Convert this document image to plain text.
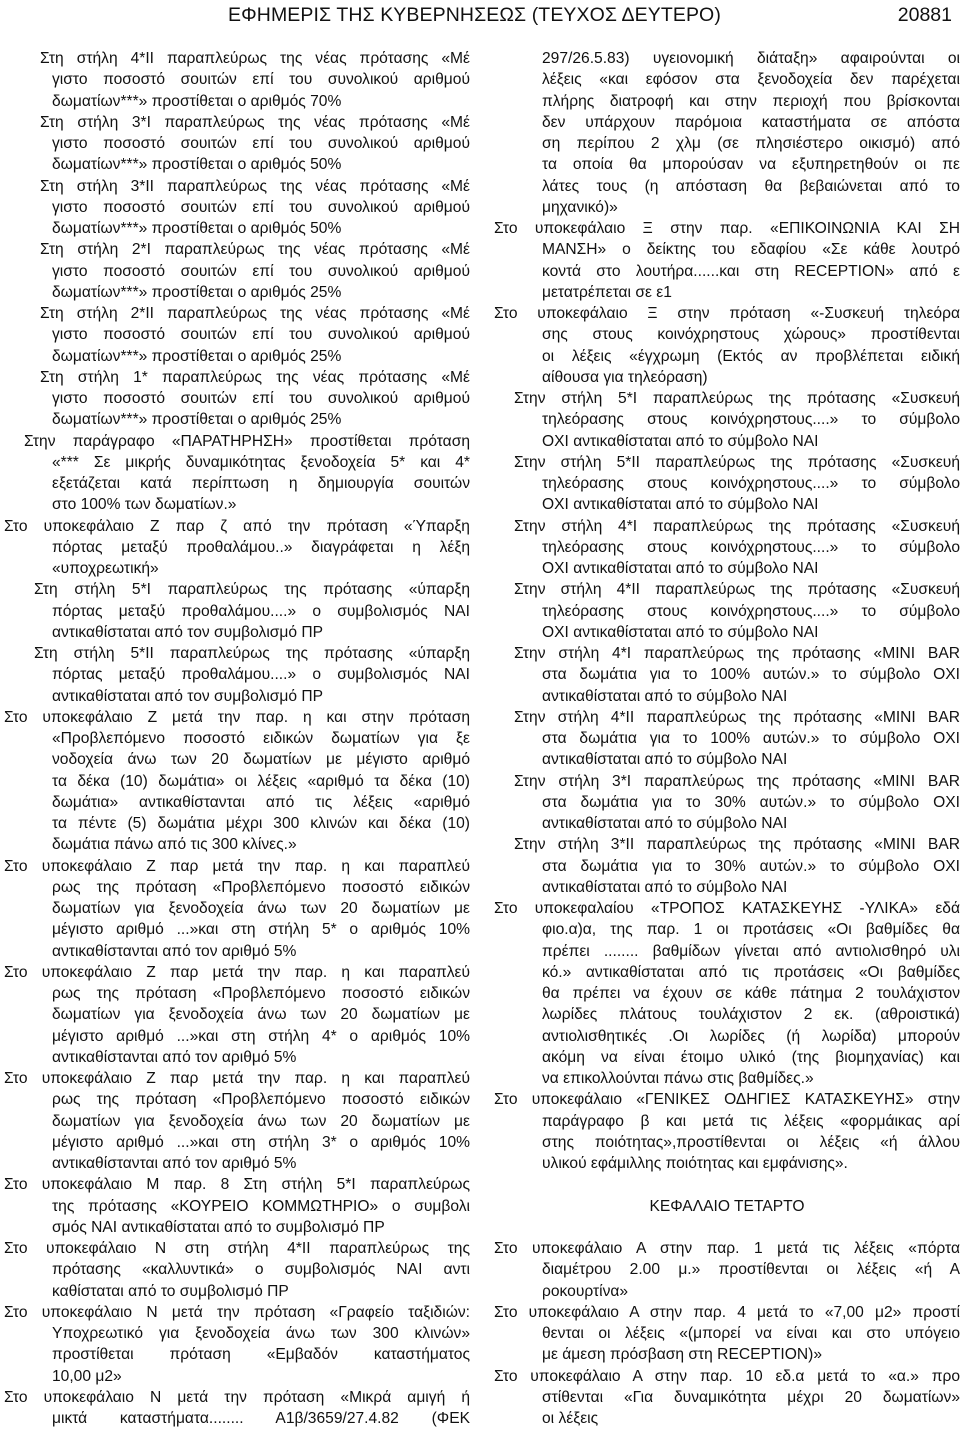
ΕΦΗΜΕΡΙΣ ΤΗΣ ΚΥΒΕΡΝΗΣΕΩΣ (ΤΕΥΧΟΣ ΔΕΥΤΕΡΟ)	20881
Στη στήλη 4*ΙΙ παραπλεύρως της νέας πρότασης «Μέ
γιστο ποσοστό σουιτών επί του συνολικού αριθμού
δωματίων***» προστίθεται ο αριθμός 70%
Στη στήλη 3*Ι παραπλεύρως της νέας πρότασης «Μέ
γιστο ποσοστό σουιτών επί του συνολικού αριθμού
δωματίων***» προστίθεται ο αριθμός 50%
Στη στήλη 3*ΙΙ παραπλεύρως της νέας πρότασης «Μέ
γιστο ποσοστό σουιτών επί του συνολικού αριθμού
δωματίων***» προστίθεται ο αριθμός 50%
Στη στήλη 2*Ι παραπλεύρως της νέας πρότασης «Μέ
γιστο ποσοστό σουιτών επί του συνολικού αριθμού
δωματίων***» προστίθεται ο αριθμός 25%
Στη στήλη 2*ΙΙ παραπλεύρως της νέας πρότασης «Μέ
γιστο ποσοστό σουιτών επί του συνολικού αριθμού
δωματίων***» προστίθεται ο αριθμός 25%
Στη στήλη 1* παραπλεύρως της νέας πρότασης «Μέ
γιστο ποσοστό σουιτών επί του συνολικού αριθμού
δωματίων***» προστίθεται ο αριθμός 25%
Στην παράγραφο «ΠΑΡΑΤΗΡΗΣΗ» προστίθεται πρόταση
«*** Σε μικρής δυναμικότητας ξενοδοχεία 5* και 4*
εξετάζεται κατά περίπτωση η δημιουργία σουιτών
στο 100% των δωματίων.»
Στο υποκεφάλαιο Ζ παρ ζ από την πρόταση «Ύπαρξη
πόρτας μεταξύ προθαλάμου..» διαγράφεται η λέξη
«υποχρεωτική»
Στη στήλη 5*Ι παραπλεύρως της πρότασης «ύπαρξη
πόρτας μεταξύ προθαλάμου....» ο συμβολισμός ΝΑΙ
αντικαθίσταται από τον συμβολισμό ΠΡ
Στη στήλη 5*ΙΙ παραπλεύρως της πρότασης «ύπαρξη
πόρτας μεταξύ προθαλάμου....» ο συμβολισμός ΝΑΙ
αντικαθίσταται από τον συμβολισμό ΠΡ
Στο υποκεφάλαιο Ζ μετά την παρ. η και στην πρόταση
«Προβλεπόμενο ποσοστό ειδικών δωματίων για ξε
νοδοχεία άνω των 20 δωματίων με μέγιστο αριθμό
τα δέκα (10) δωμάτια» οι λέξεις «αριθμό τα δέκα (10)
δωμάτια» αντικαθίστανται από τις λέξεις «αριθμό
τα πέντε (5) δωμάτια μέχρι 300 κλινών και δέκα (10)
δωμάτια πάνω από τις 300 κλίνες.»
Στο υποκεφάλαιο Ζ παρ μετά την παρ. η και παραπλεύ
ρως της πρόταση «Προβλεπόμενο ποσοστό ειδικών
δωματίων για ξενοδοχεία άνω των 20 δωματίων με
μέγιστο αριθμό ...»και στη στήλη 5* ο αριθμός 10%
αντικαθίστανται από τον αριθμό 5%
Στο υποκεφάλαιο Ζ παρ μετά την παρ. η και παραπλεύ
ρως της πρόταση «Προβλεπόμενο ποσοστό ειδικών
δωματίων για ξενοδοχεία άνω των 20 δωματίων με
μέγιστο αριθμό ...»και στη στήλη 4* ο αριθμός 10%
αντικαθίστανται από τον αριθμό 5%
Στο υποκεφάλαιο Ζ παρ μετά την παρ. η και παραπλεύ
ρως της πρόταση «Προβλεπόμενο ποσοστό ειδικών
δωματίων για ξενοδοχεία άνω των 20 δωματίων με
μέγιστο αριθμό ...»και στη στήλη 3* ο αριθμός 10%
αντικαθίστανται από τον αριθμό 5%
Στο υποκεφάλαιο Μ παρ. 8 Στη στήλη 5*Ι παραπλεύρως
της πρότασης «ΚΟΥΡΕΙΟ ΚΟΜΜΩΤΗΡΙΟ» ο συμβολι
σμός ΝΑΙ αντικαθίσταται από το συμβολισμό ΠΡ
Στο υποκεφάλαιο Ν στη στήλη 4*ΙΙ παραπλεύρως της
πρότασης «καλλυντικά» ο συμβολισμός ΝΑΙ αντι
καθίσταται από το συμβολισμό ΠΡ
Στο υποκεφάλαιο Ν μετά την πρόταση «Γραφείο ταξιδιών:
Υποχρεωτικό για ξενοδοχεία άνω των 300 κλινών»
προστίθεται πρόταση «Εμβαδόν καταστήματος
10,00 μ2»
Στο υποκεφάλαιο Ν μετά την πρόταση «Μικρά αμιγή ή
μικτά καταστήματα........ Α1β/3659/27.4.82 (ΦΕΚ
297/26.5.83) υγειονομική διάταξη» αφαιρούνται οι
λέξεις «και εφόσον στα ξενοδοχεία δεν παρέχεται
πλήρης διατροφή και στην περιοχή που βρίσκονται
δεν υπάρχουν παρόμοια καταστήματα σε απόστα
ση περίπου 2 χλμ (σε πλησιέστερο οικισμό) από
τα οποία θα μπορούσαν να εξυπηρετηθούν οι πε
λάτες τους (η απόσταση θα βεβαιώνεται από το
μηχανικό)»
Στο υποκεφάλαιο Ξ στην παρ. «ΕΠΙΚΟΙΝΩΝΙΑ ΚΑΙ ΣΗ
ΜΑΝΣΗ» ο δείκτης του εδαφίου «Σε κάθε λουτρό
κοντά στο λουτήρα......και στη RECEPTION» από ε
μετατρέπεται σε ε1
Στο υποκεφάλαιο Ξ στην πρόταση «-Συσκευή τηλεόρα
σης στους κοινόχρηστους χώρους» προστίθενται
οι λέξεις «έγχρωμη (Εκτός αν προβλέπεται ειδική
αίθουσα για τηλεόραση)
Στην στήλη 5*Ι παραπλεύρως της πρότασης «Συσκευή
τηλεόρασης στους κοινόχρηστους....» το σύμβολο
ΟΧΙ αντικαθίσταται από το σύμβολο ΝΑΙ
Στην στήλη 5*ΙΙ παραπλεύρως της πρότασης «Συσκευή
τηλεόρασης στους κοινόχρηστους....» το σύμβολο
ΟΧΙ αντικαθίσταται από το σύμβολο ΝΑΙ
Στην στήλη 4*Ι παραπλεύρως της πρότασης «Συσκευή
τηλεόρασης στους κοινόχρηστους....» το σύμβολο
ΟΧΙ αντικαθίσταται από το σύμβολο ΝΑΙ
Στην στήλη 4*ΙΙ παραπλεύρως της πρότασης «Συσκευή
τηλεόρασης στους κοινόχρηστους....» το σύμβολο
ΟΧΙ αντικαθίσταται από το σύμβολο ΝΑΙ
Στην στήλη 4*Ι παραπλεύρως της πρότασης «ΜΙΝΙ BAR
στα δωμάτια για το 100% αυτών.» το σύμβολο ΟΧΙ
αντικαθίσταται από το σύμβολο ΝΑΙ
Στην στήλη 4*ΙΙ παραπλεύρως της πρότασης «ΜΙΝΙ BAR
στα δωμάτια για το 100% αυτών.» το σύμβολο ΟΧΙ
αντικαθίσταται από το σύμβολο ΝΑΙ
Στην στήλη 3*Ι παραπλεύρως της πρότασης «ΜΙΝΙ BAR
στα δωμάτια για το 30% αυτών.» το σύμβολο ΟΧΙ
αντικαθίσταται από το σύμβολο ΝΑΙ
Στην στήλη 3*ΙΙ παραπλεύρως της πρότασης «ΜΙΝΙ BAR
στα δωμάτια για το 30% αυτών.» το σύμβολο ΟΧΙ
αντικαθίσταται από το σύμβολο ΝΑΙ
Στο υποκεφαλαίου «ΤΡΟΠΟΣ ΚΑΤΑΣΚΕΥΗΣ -ΥΛΙΚΑ» εδά
φιο.α)α, της παρ. 1 οι προτάσεις «Οι βαθμίδες θα
πρέπει ........ βαθμίδων γίνεται από αντιολισθηρό υλι
κό.» αντικαθίσταται από τις προτάσεις «Οι βαθμίδες
θα πρέπει να έχουν σε κάθε πάτημα 2 τουλάχιστον
λωρίδες πλάτους τουλάχιστον 2 εκ. (αθροιστικά)
αντιολισθητικές .Οι λωρίδες (ή λωρίδα) μπορούν
ακόμη να είναι έτοιμο υλικό (της βιομηχανίας) και
να επικολλούνται πάνω στις βαθμίδες.»
Στο υποκεφάλαιο «ΓΕΝΙΚΕΣ ΟΔΗΓΙΕΣ ΚΑΤΑΣΚΕΥΗΣ» στην
παράγραφο β και μετά τις λέξεις «φορμάικας αρί
στης ποιότητας»,προστίθενται οι λέξεις «ή άλλου
υλικού εφάμιλλης ποιότητας και εμφάνισης».
ΚΕΦΑΛΑΙΟ ΤΕΤΑΡΤΟ
Στο υποκεφάλαιο Α στην παρ. 1 μετά τις λέξεις «πόρτα
διαμέτρου 2.00 μ.» προστίθενται οι λέξεις «ή Α
ροκουρτίνα»
Στο υποκεφάλαιο Α στην παρ. 4 μετά το «7,00 μ2» προστί
θενται οι λέξεις «(μπορεί να είναι και στο υπόγειο
με άμεση πρόσβαση στη RECEPTION)»
Στο υποκεφάλαιο Α στην παρ. 10 εδ.α μετά το «α.» προ
στίθενται «Για δυναμικότητα μέχρι 20 δωματίων»
οι λέξεις
